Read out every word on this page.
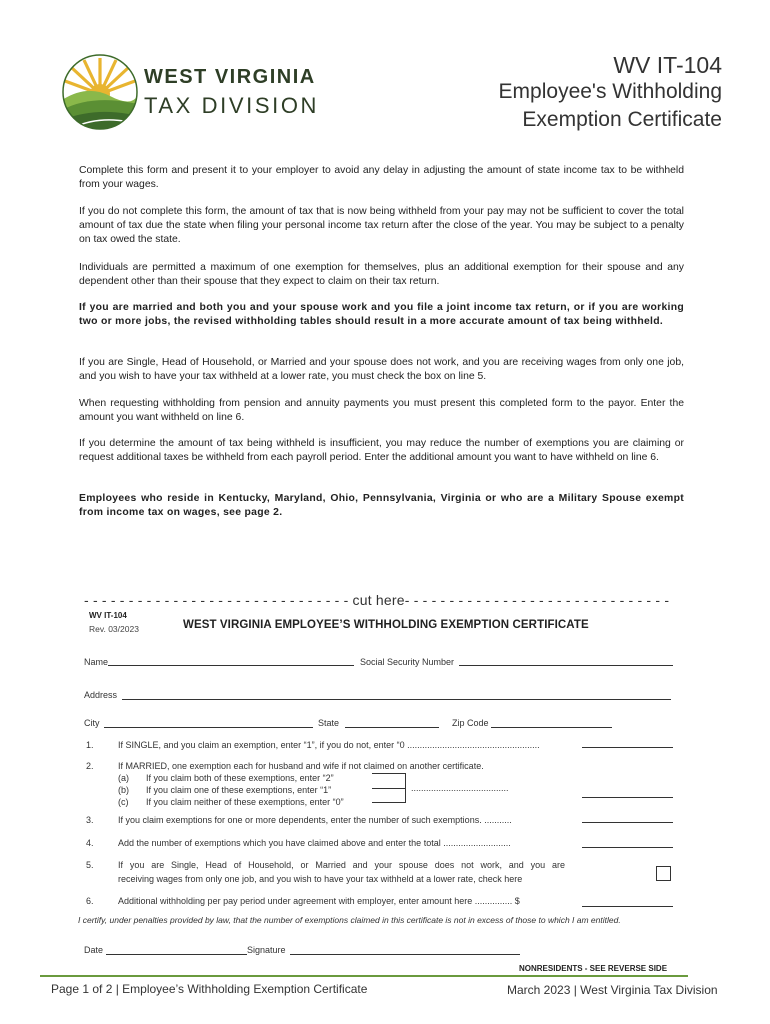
WEST VIRGINIA
TAX DIVISION
WV IT-104
Employee's Withholding
Exemption Certificate
Complete this form and present it to your employer to avoid any delay in adjusting the amount of state income tax to be withheld from your wages.
If you do not complete this form, the amount of tax that is now being withheld from your pay may not be sufficient to cover the total amount of tax due the state when filing your personal income tax return after the close of the year. You may be subject to a penalty on tax owed the state.
Individuals are permitted a maximum of one exemption for themselves, plus an additional exemption for their spouse and any dependent other than their spouse that they expect to claim on their tax return.
If you are married and both you and your spouse work and you file a joint income tax return, or if you are working two or more jobs, the revised withholding tables should result in a more accurate amount of tax being withheld.
If you are Single, Head of Household, or Married and your spouse does not work, and you are receiving wages from only one job, and you wish to have your tax withheld at a lower rate, you must check the box on line 5.
When requesting withholding from pension and annuity payments you must present this completed form to the payor. Enter the amount you want withheld on line 6.
If you determine the amount of tax being withheld is insufficient, you may reduce the number of exemptions you are claiming or request additional taxes be withheld from each payroll period. Enter the additional amount you want to have withheld on line 6.
Employees who reside in Kentucky, Maryland, Ohio, Pennsylvania, Virginia or who are a Military Spouse exempt from income tax on wages, see page 2.
- - - - - - - - - - - - - - - - - - - - - - - - - - - - - - cut here- - - - - - - - - - - - - - - - - - - - - - - - - - - - - -
WV IT-104
Rev. 03/2023	WEST VIRGINIA EMPLOYEE’S WITHHOLDING EXEMPTION CERTIFICATE
Name	Social Security Number
Address
City	State	Zip Code
1.	If SINGLE, and you claim an exemption, enter “1”, if you do not, enter “0 .....................................................
2.	If MARRIED, one exemption each for husband and wife if not claimed on another certificate.
(a) If you claim both of these exemptions, enter “2”
(b) If you claim one of these exemptions, enter “1”
(c) If you claim neither of these exemptions, enter “0”
.......................................
3.	If you claim exemptions for one or more dependents, enter the number of such exemptions. ...........
4.	Add the number of exemptions which you have claimed above and enter the total ...........................
5.	If you are Single, Head of Household, or Married and your spouse does not work, and you are
receiving wages from only one job, and you wish to have your tax withheld at a lower rate, check here
6.	Additional withholding per pay period under agreement with employer, enter amount here ............... $
I certify, under penalties provided by law, that the number of exemptions claimed in this certificate is not in excess of those to which I am entitled.
Date	Signature
NONRESIDENTS - SEE REVERSE SIDE
Page 1 of 2 | Employee’s Withholding Exemption Certificate	March 2023 | West Virginia Tax Division
